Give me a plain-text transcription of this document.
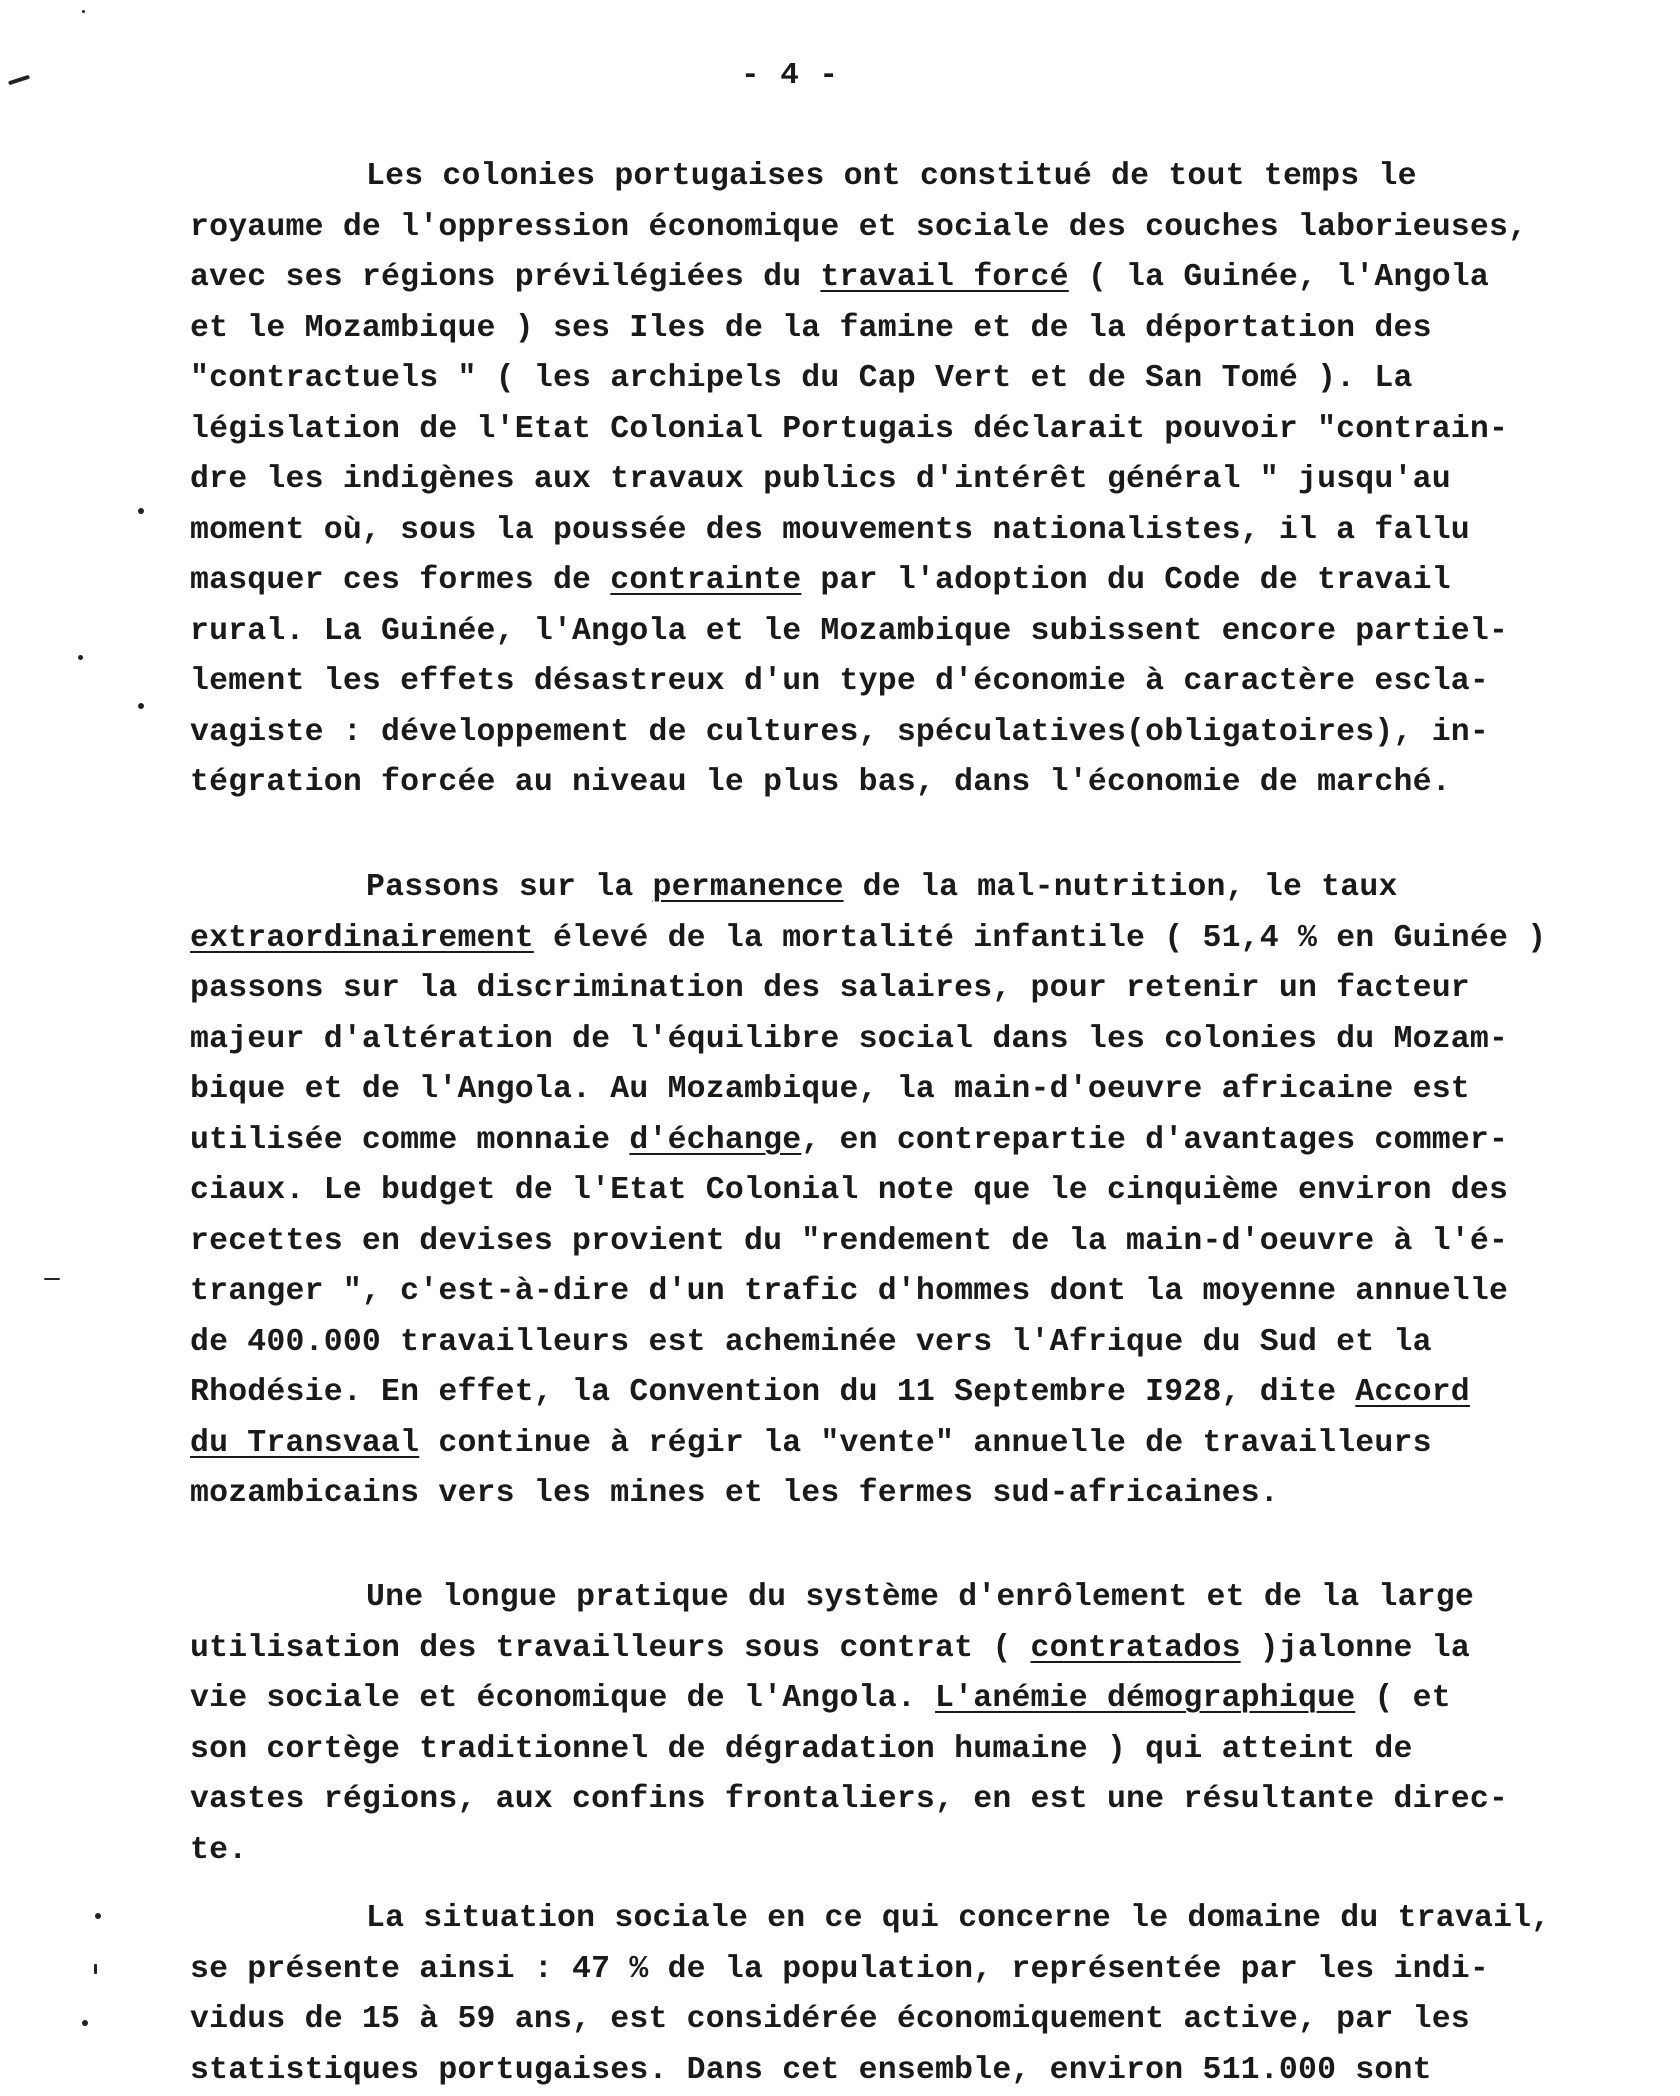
- 4 -
Les colonies portugaises ont constitué de tout temps le
royaume de l'oppression économique et sociale des couches laborieuses,
avec ses régions prévilégiées du travail forcé ( la Guinée, l'Angola
et le Mozambique ) ses Iles de la famine et de la déportation des
"contractuels " ( les archipels du Cap Vert et de San Tomé ). La
législation de l'Etat Colonial Portugais déclarait pouvoir "contrain-
dre les indigènes aux travaux publics d'intérêt général " jusqu'au
moment où, sous la poussée des mouvements nationalistes, il a fallu
masquer ces formes de contrainte par l'adoption du Code de travail
rural. La Guinée, l'Angola et le Mozambique subissent encore partiel-
lement les effets désastreux d'un type d'économie à caractère escla-
vagiste : développement de cultures, spéculatives(obligatoires), in-
tégration forcée au niveau le plus bas, dans l'économie de marché.
Passons sur la permanence de la mal-nutrition, le taux
extraordinairement élevé de la mortalité infantile ( 51,4 % en Guinée )
passons sur la discrimination des salaires, pour retenir un facteur
majeur d'altération de l'équilibre social dans les colonies du Mozam-
bique et de l'Angola. Au Mozambique, la main-d'oeuvre africaine est
utilisée comme monnaie d'échange, en contrepartie d'avantages commer-
ciaux. Le budget de l'Etat Colonial note que le cinquième environ des
recettes en devises provient du "rendement de la main-d'oeuvre à l'é-
tranger ", c'est-à-dire d'un trafic d'hommes dont la moyenne annuelle
de 400.000 travailleurs est acheminée vers l'Afrique du Sud et la
Rhodésie. En effet, la Convention du 11 Septembre I928, dite Accord
du Transvaal continue à régir la "vente" annuelle de travailleurs
mozambicains vers les mines et les fermes sud-africaines.
Une longue pratique du système d'enrôlement et de la large
utilisation des travailleurs sous contrat ( contratados )jalonne la
vie sociale et économique de l'Angola. L'anémie démographique ( et
son cortège traditionnel de dégradation humaine ) qui atteint de
vastes régions, aux confins frontaliers, en est une résultante direc-
te.
La situation sociale en ce qui concerne le domaine du travail,
se présente ainsi : 47 % de la population, représentée par les indi-
vidus de 15 à 59 ans, est considérée économiquement active, par les
statistiques portugaises. Dans cet ensemble, environ 511.000 sont
